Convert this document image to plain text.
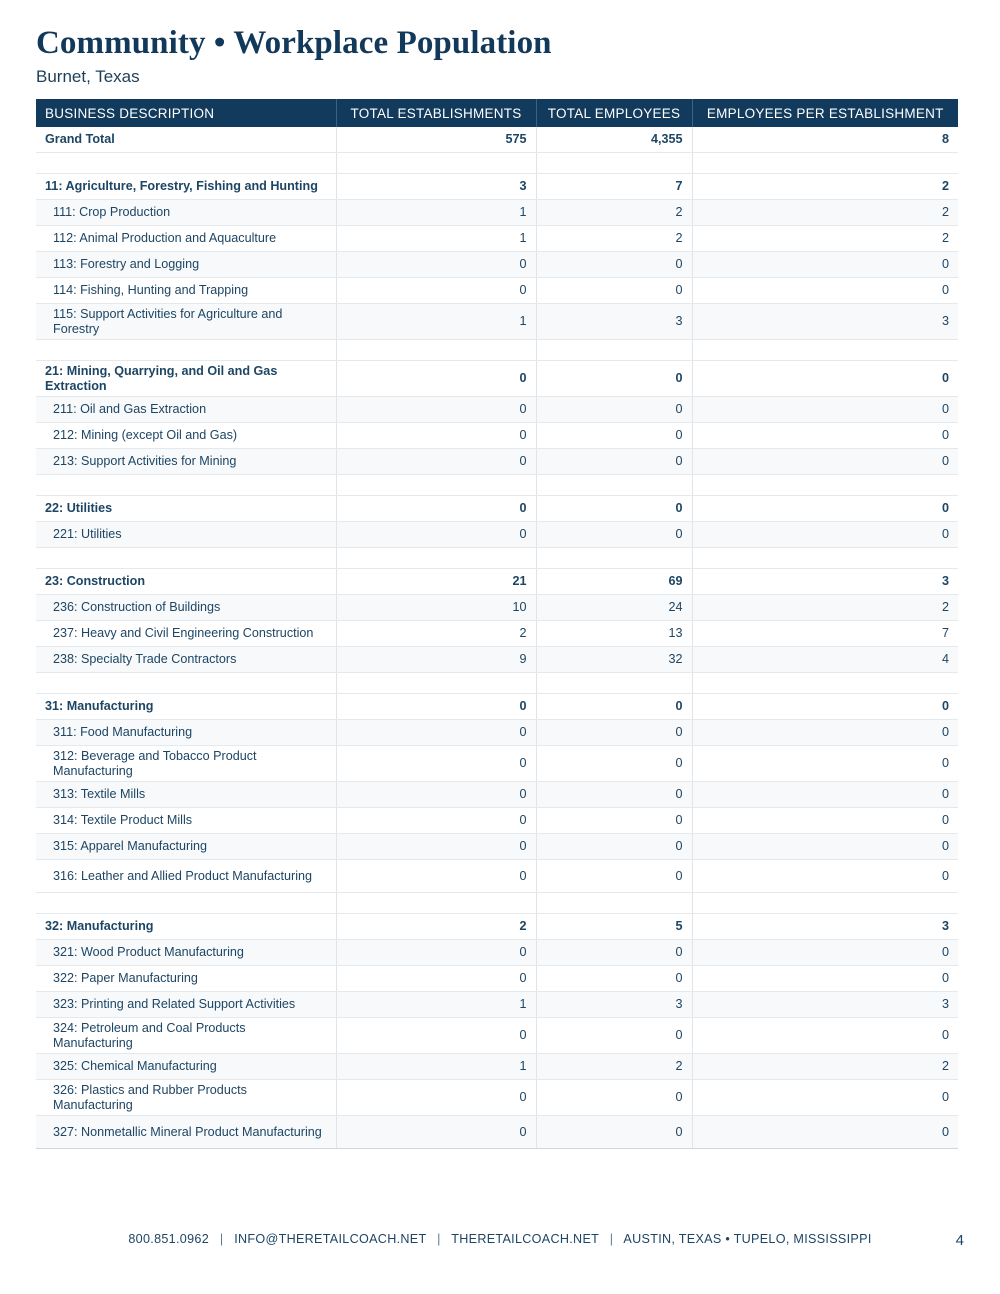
Community • Workplace Population
Burnet, Texas
BUSINESS DESCRIPTION	TOTAL ESTABLISHMENTS	TOTAL EMPLOYEES	EMPLOYEES PER ESTABLISHMENT
Grand Total	575	4,355	8

11: Agriculture, Forestry, Fishing and Hunting	3	7	2
111: Crop Production	1	2	2
112: Animal Production and Aquaculture	1	2	2
113: Forestry and Logging	0	0	0
114: Fishing, Hunting and Trapping	0	0	0
115: Support Activities for Agriculture and Forestry	1	3	3

21: Mining, Quarrying, and Oil and Gas Extraction	0	0	0
211: Oil and Gas Extraction	0	0	0
212: Mining (except Oil and Gas)	0	0	0
213: Support Activities for Mining	0	0	0

22: Utilities	0	0	0
221: Utilities	0	0	0

23: Construction	21	69	3
236: Construction of Buildings	10	24	2
237: Heavy and Civil Engineering Construction	2	13	7
238: Specialty Trade Contractors	9	32	4

31: Manufacturing	0	0	0
311: Food Manufacturing	0	0	0
312: Beverage and Tobacco Product Manufacturing	0	0	0
313: Textile Mills	0	0	0
314: Textile Product Mills	0	0	0
315: Apparel Manufacturing	0	0	0
316: Leather and Allied Product Manufacturing	0	0	0

32: Manufacturing	2	5	3
321: Wood Product Manufacturing	0	0	0
322: Paper Manufacturing	0	0	0
323: Printing and Related Support Activities	1	3	3
324: Petroleum and Coal Products Manufacturing	0	0	0
325: Chemical Manufacturing	1	2	2
326: Plastics and Rubber Products Manufacturing	0	0	0
327: Nonmetallic Mineral Product Manufacturing	0	0	0
800.851.0962 | INFO@THERETAILCOACH.NET | THERETAILCOACH.NET | AUSTIN, TEXAS • TUPELO, MISSISSIPPI	4
